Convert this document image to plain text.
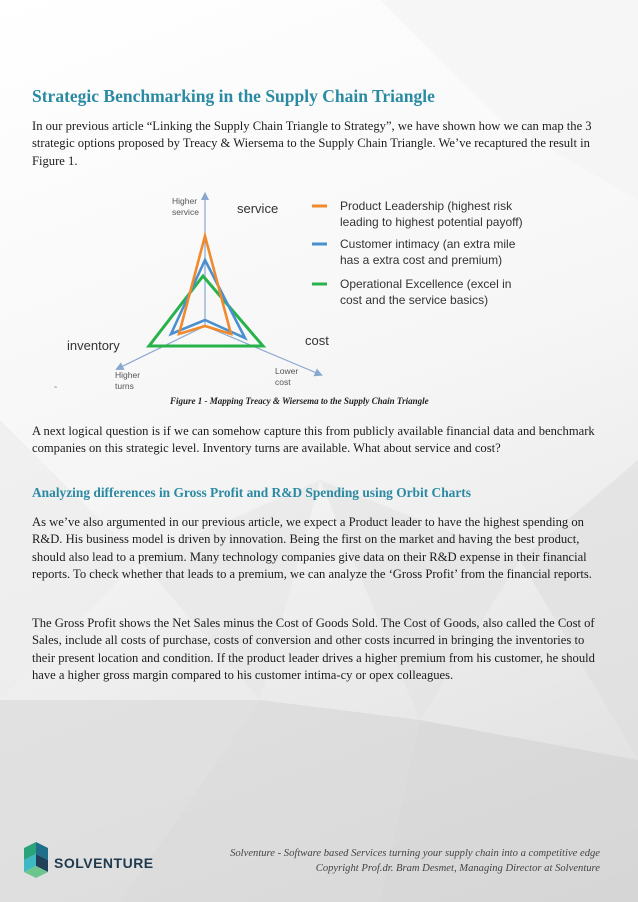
Strategic Benchmarking in the Supply Chain Triangle

In our previous article “Linking the Supply Chain Triangle to Strategy”, we have shown how we can map the 3 strategic options proposed by Treacy & Wiersema to the Supply Chain Triangle. We’ve recaptured the result in Figure 1.

service
inventory	cost
Higher
service
Higher
turns
Lower
cost
Product Leadership (highest risk
leading to highest potential payoff)
Customer intimacy (an extra mile
has a extra cost and premium)
Operational Excellence (excel in
cost and the service basics)
˜

Figure 1 - Mapping Treacy & Wiersema to the Supply Chain Triangle

A next logical question is if we can somehow capture this from publicly available financial data and benchmark companies on this strategic level. Inventory turns are available. What about service and cost?

Analyzing differences in Gross Profit and R&D Spending using Orbit Charts

As we’ve also argumented in our previous article, we expect a Product leader to have the highest spending on R&D. His business model is driven by innovation. Being the first on the market and having the best product, should also lead to a premium. Many technology companies give data on their R&D expense in their financial reports. To check whether that leads to a premium, we can analyze the ‘Gross Profit’ from the financial reports.

The Gross Profit shows the Net Sales minus the Cost of Goods Sold. The Cost of Goods, also called the Cost of Sales, include all costs of purchase, costs of conversion and other costs incurred in bringing the inventories to their present location and condition. If the product leader drives a higher premium from his customer, he should have a higher gross margin compared to his customer intima-cy or opex colleagues.

SOLVENTURE
Solventure - Software based Services turning your supply chain into a competitive edge
Copyright Prof.dr. Bram Desmet, Managing Director at Solventure
